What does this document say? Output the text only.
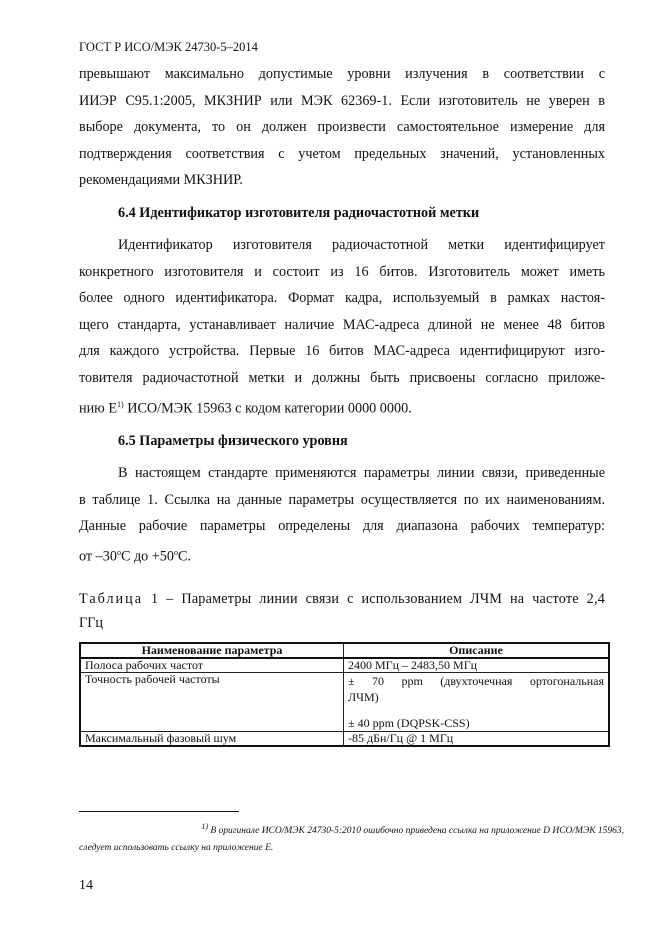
ГОСТ Р ИСО/МЭК 24730-5–2014
превышают максимально допустимые уровни излучения в соответствии с
ИИЭР С95.1:2005, МКЗНИР или МЭК 62369-1. Если изготовитель не уверен в
выборе документа, то он должен произвести самостоятельное измерение для
подтверждения соответствия с учетом предельных значений, установленных
рекомендациями МКЗНИР.
6.4 Идентификатор изготовителя радиочастотной метки
Идентификатор изготовителя радиочастотной метки идентифицирует
конкретного изготовителя и состоит из 16 битов. Изготовитель может иметь
более одного идентификатора. Формат кадра, используемый в рамках настоя-
щего стандарта, устанавливает наличие МАС-адреса длиной не менее 48 битов
для каждого устройства. Первые 16 битов МАС-адреса идентифицируют изго-
товителя радиочастотной метки и должны быть присвоены согласно приложе-
нию $Е^{1)}$ ИСО/МЭК 15963 с кодом категории 0000 0000.
6.5 Параметры физического уровня
В настоящем стандарте применяются параметры линии связи, приведенные
в таблице 1. Ссылка на данные параметры осуществляется по их наименованиям.
Данные рабочие параметры определены для диапазона рабочих температур:
от –30$^o$С до $+50^oС$.
Таблица 1 – Параметры линии связи с использованием ЛЧМ на частоте 2,4
ГГц
Наименование параметра	Описание
Полоса рабочих частот	2400 МГц – 2483,50 МГц
Точность рабочей частоты	± 70 ppm (двухточечная ортогональная
ЛЧМ)
± 40 ppm (DQPSK-CSS)

Максимальный фазовый шум	-85 дБн/Гц @ 1 МГц
$^{1)}$ В оригинале ИСО/МЭК 24730-5:2010 ошибочно приведена ссылка на приложение D ИСО/МЭК 15963,
следует использовать ссылку на приложение Е.
14
